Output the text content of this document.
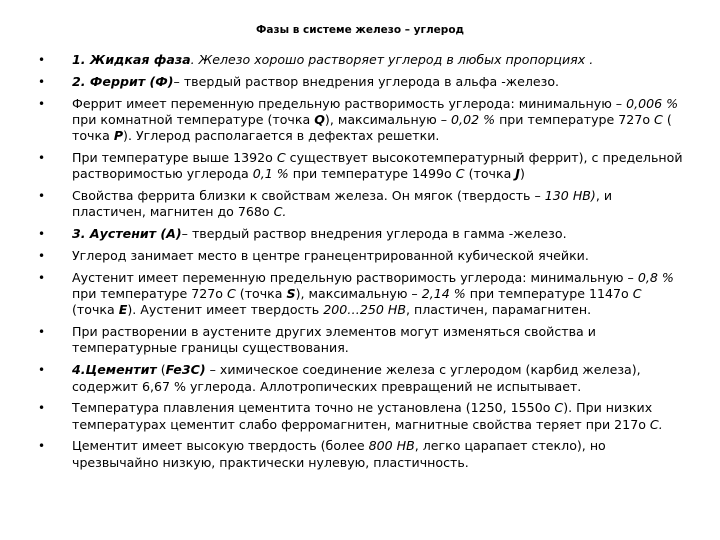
Фазы в системе железо – углерод
• 1. Жидкая фаза. Железо хорошо растворяет углерод в любых пропорциях .
• 2. Феррит (Ф)– твердый раствор внедрения углерода в альфа -железо.
• Феррит имеет переменную предельную растворимость углерода: минимальную – 0,006 % при комнатной температуре (точка Q), максимальную – 0,02 % при температуре 727о С ( точка P). Углерод располагается в дефектах решетки.
• При температуре выше 1392о С существует высокотемпературный феррит), с предельной растворимостью углерода 0,1 % при температуре 1499о С (точка J)
• Свойства феррита близки к свойствам железа. Он мягок (твердость – 130 НВ), и пластичен, магнитен до 768о С.
• 3. Аустенит (А)– твердый раствор внедрения углерода в гамма -железо.
• Углерод занимает место в центре гранецентрированной кубической ячейки.
• Аустенит имеет переменную предельную растворимость углерода: минимальную – 0,8 % при температуре 727о С (точка S), максимальную – 2,14 % при температуре 1147о С (точка Е). Аустенит имеет твердость 200…250 НВ, пластичен, парамагнитен.
• При растворении в аустените других элементов могут изменяться свойства и температурные границы существования.
• 4.Цементит (Fe3C) – химическое соединение железа с углеродом (карбид железа), содержит 6,67 % углерода. Аллотропических превращений не испытывает.
• Температура плавления цементита точно не установлена (1250, 1550о С). При низких температурах цементит слабо ферромагнитен, магнитные свойства теряет при 217о С.
• Цементит имеет высокую твердость (более 800 НВ, легко царапает стекло), но чрезвычайно низкую, практически нулевую, пластичность.
